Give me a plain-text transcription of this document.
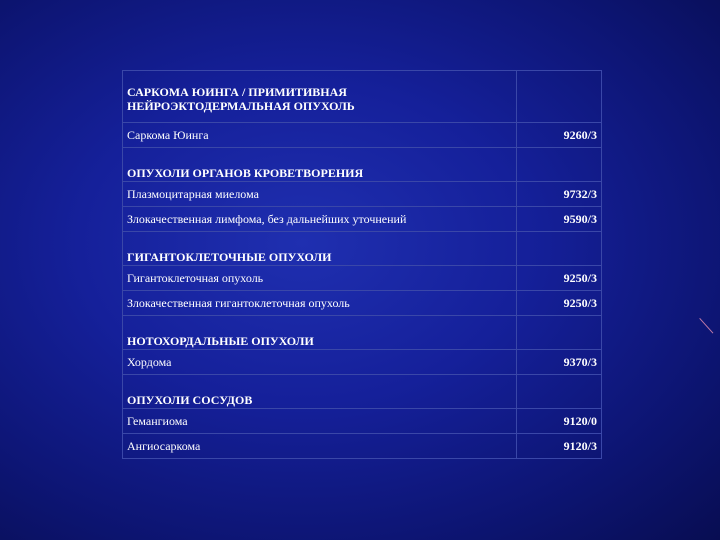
САРКОМА ЮИНГА / ПРИМИТИВНАЯ НЕЙРОЭКТОДЕРМАЛЬНАЯ ОПУХОЛЬ	
Саркома Юинга	9260/3
ОПУХОЛИ ОРГАНОВ КРОВЕТВОРЕНИЯ	
Плазмоцитарная миелома	9732/3
Злокачественная лимфома, без дальнейших уточнений	9590/3
ГИГАНТОКЛЕТОЧНЫЕ ОПУХОЛИ	
Гигантоклеточная опухоль	9250/3
Злокачественная гигантоклеточная опухоль	9250/3
НОТОХОРДАЛЬНЫЕ ОПУХОЛИ	
Хордома	9370/3
ОПУХОЛИ СОСУДОВ	
Гемангиома	9120/0
Ангиосаркома	9120/3
